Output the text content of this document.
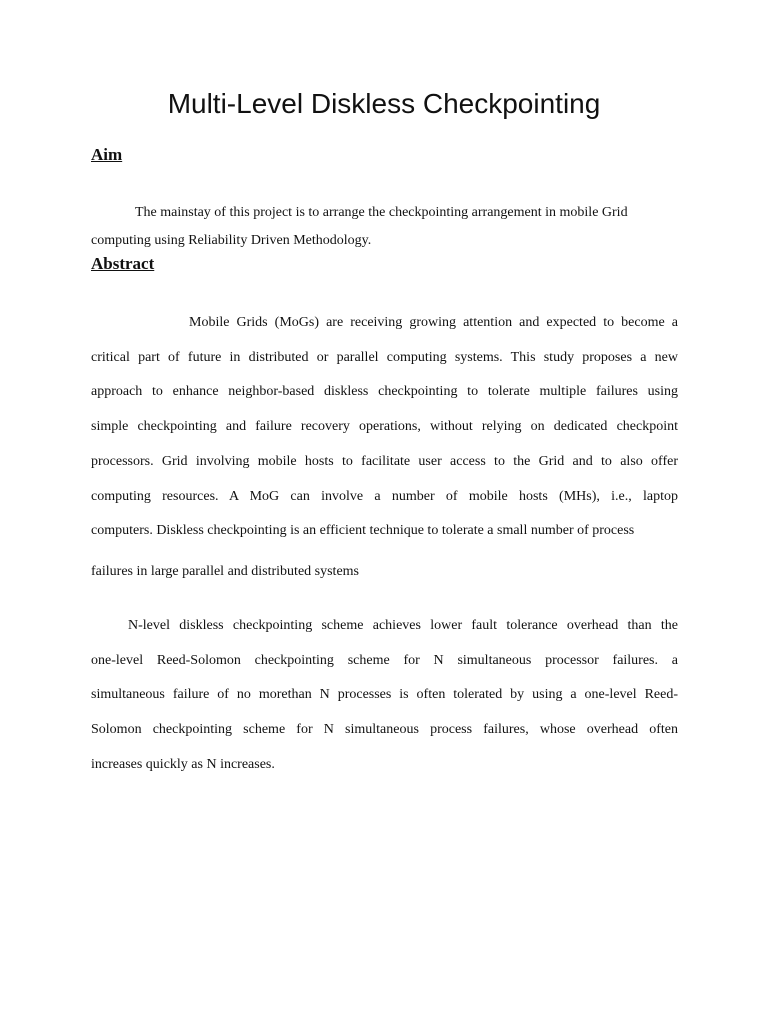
Multi-Level Diskless Checkpointing
Aim
The mainstay of this project is to arrange the checkpointing arrangement in mobile Grid
computing using Reliability Driven Methodology.
Abstract
Mobile Grids (MoGs) are receiving growing attention and expected to become a
critical part of future in distributed or parallel computing systems. This study proposes a new
approach to enhance neighbor-based diskless checkpointing to tolerate multiple failures using
simple checkpointing and failure recovery operations, without relying on dedicated checkpoint
processors. Grid involving mobile hosts to facilitate user access to the Grid and to also offer
computing resources. A MoG can involve a number of mobile hosts (MHs), i.e., laptop
computers. Diskless checkpointing is an efficient technique to tolerate a small number of process
failures in large parallel and distributed systems
N-level diskless checkpointing scheme achieves lower fault tolerance overhead than the
one-level Reed-Solomon checkpointing scheme for N simultaneous processor failures. a
simultaneous failure of no morethan N processes is often tolerated by using a one-level Reed-
Solomon checkpointing scheme for N simultaneous process failures, whose overhead often
increases quickly as N increases.
